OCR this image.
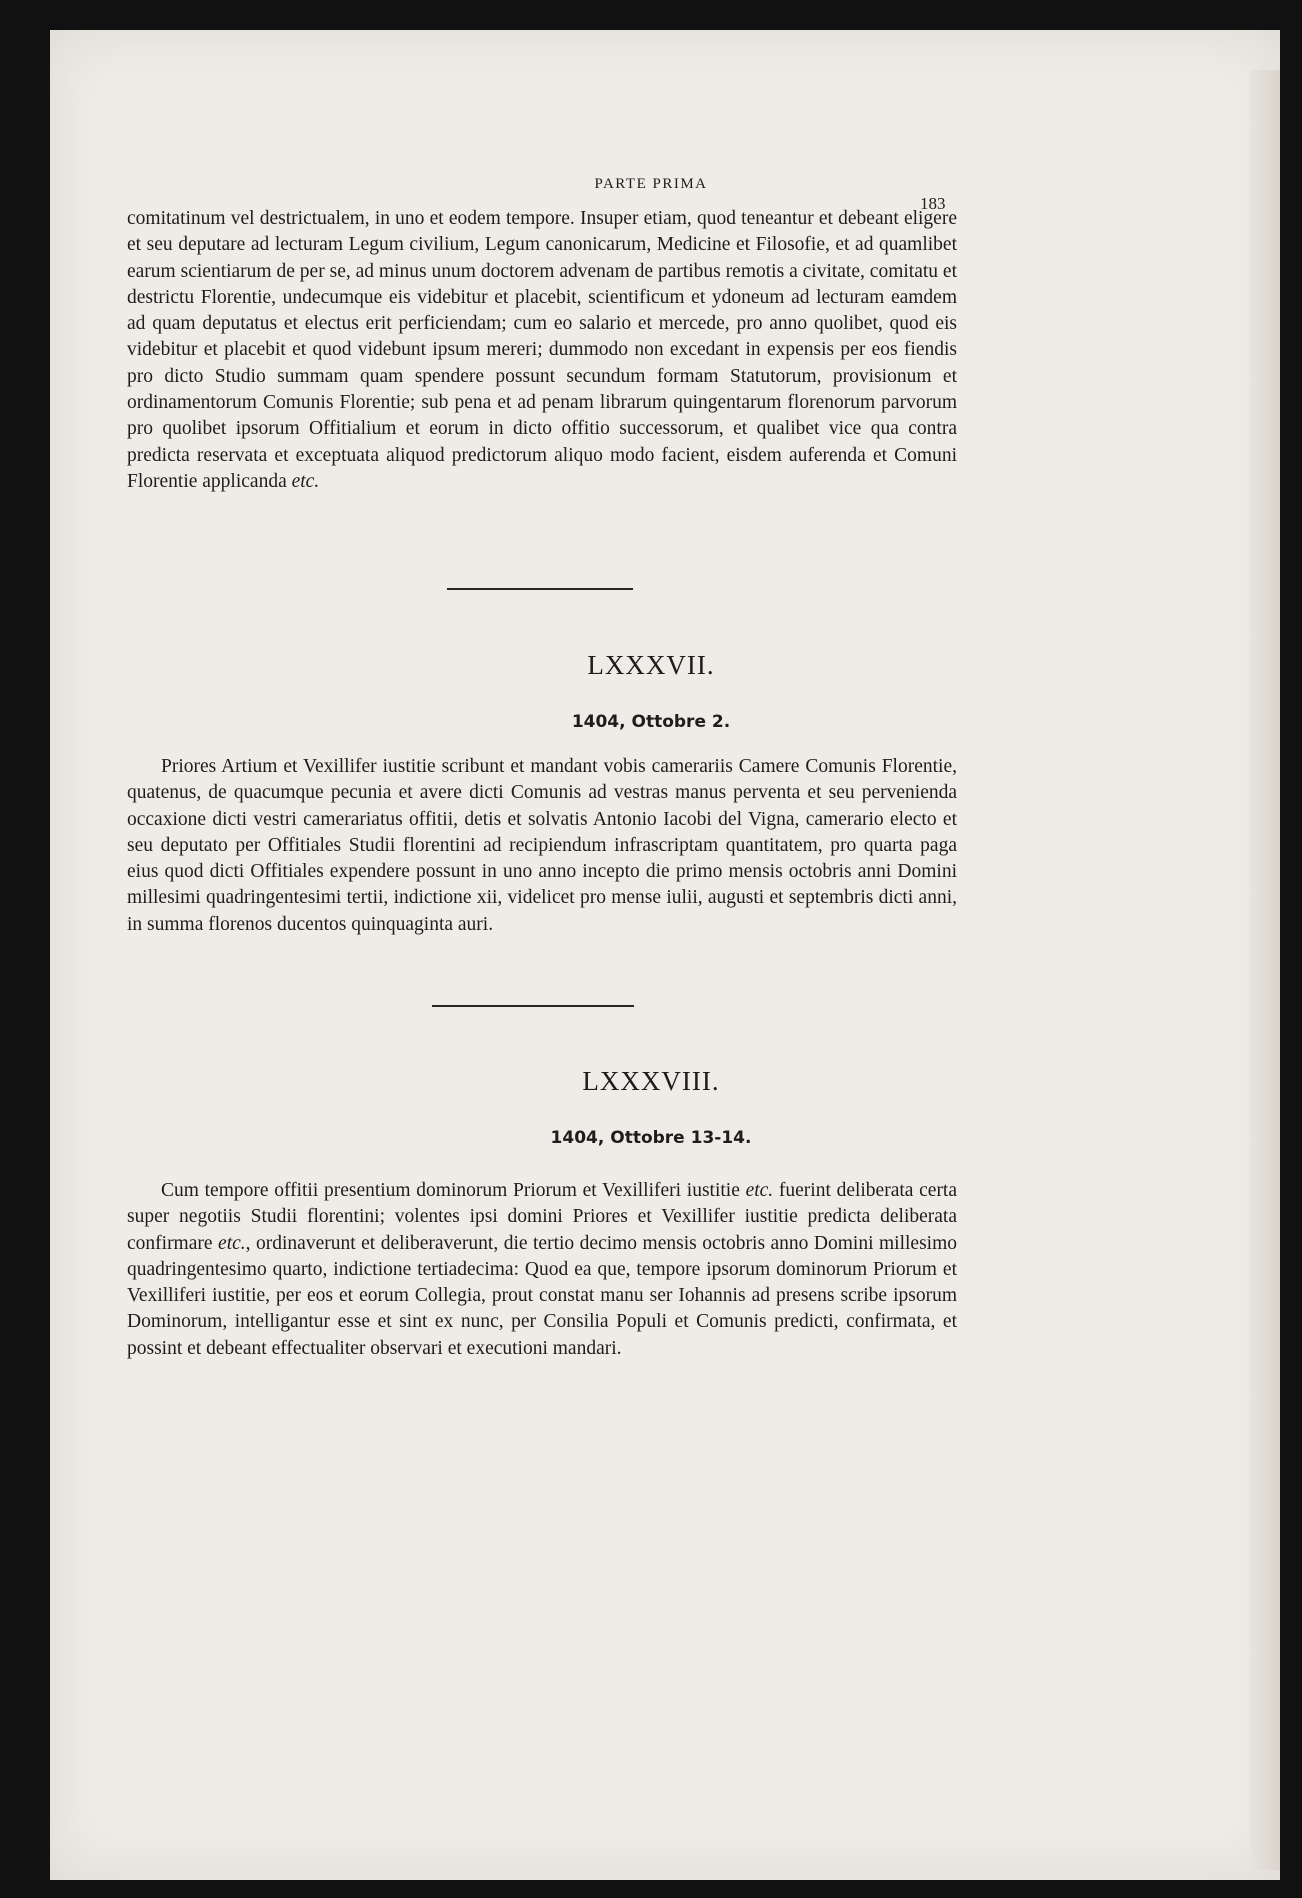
PARTE PRIMA
183

comitatinum vel destrictualem, in uno et eodem tempore. Insuper etiam, quod teneantur et debeant eligere et seu deputare ad lecturam Legum civilium, Legum canonicarum, Medicine et Filosofie, et ad quamlibet earum scientiarum de per se, ad minus unum doctorem advenam de partibus remotis a civitate, comitatu et destrictu Florentie, undecumque eis videbitur et placebit, scientificum et ydoneum ad lecturam eamdem ad quam deputatus et electus erit perficiendam; cum eo salario et mercede, pro anno quolibet, quod eis videbitur et placebit et quod videbunt ipsum mereri; dummodo non excedant in expensis per eos fiendis pro dicto Studio summam quam spendere possunt secundum formam Statutorum, provisionum et ordinamentorum Comunis Florentie; sub pena et ad penam librarum quingentarum florenorum parvorum pro quolibet ipsorum Offitialium et eorum in dicto offitio successorum, et qualibet vice qua contra predicta reservata et exceptuata aliquod predictorum aliquo modo facient, eisdem auferenda et Comuni Florentie applicanda etc.

LXXXVII.
1404, Ottobre 2.

Priores Artium et Vexillifer iustitie scribunt et mandant vobis camerariis Camere Comunis Florentie, quatenus, de quacumque pecunia et avere dicti Comunis ad vestras manus perventa et seu pervenienda occaxione dicti vestri camerariatus offitii, detis et solvatis Antonio Iacobi del Vigna, camerario electo et seu deputato per Offitiales Studii florentini ad recipiendum infrascriptam quantitatem, pro quarta paga eius quod dicti Offitiales expendere possunt in uno anno incepto die primo mensis octobris anni Domini millesimi quadringentesimi tertii, indictione xii, videlicet pro mense iulii, augusti et septembris dicti anni, in summa florenos ducentos quinquaginta auri.

LXXXVIII.
1404, Ottobre 13-14.

Cum tempore offitii presentium dominorum Priorum et Vexilliferi iustitie etc. fuerint deliberata certa super negotiis Studii florentini; volentes ipsi domini Priores et Vexillifer iustitie predicta deliberata confirmare etc., ordinaverunt et deliberaverunt, die tertio decimo mensis octobris anno Domini millesimo quadringentesimo quarto, indictione tertiadecima: Quod ea que, tempore ipsorum dominorum Priorum et Vexilliferi iustitie, per eos et eorum Collegia, prout constat manu ser Iohannis ad presens scribe ipsorum Dominorum, intelligantur esse et sint ex nunc, per Consilia Populi et Comunis predicti, confirmata, et possint et debeant effectualiter observari et executioni mandari.
